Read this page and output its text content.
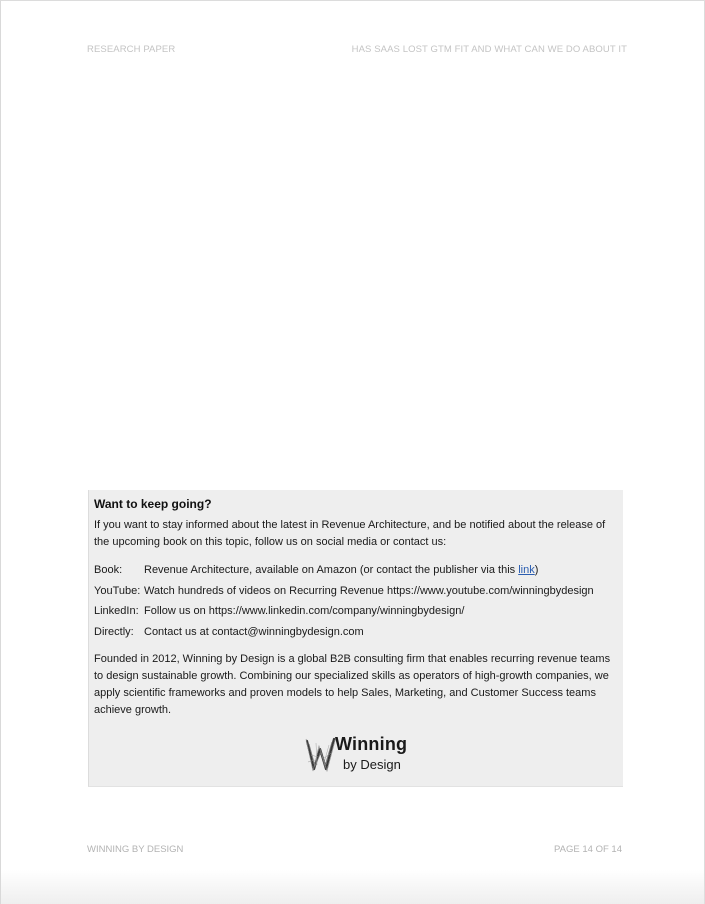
RESEARCH PAPER	HAS SAAS LOST GTM FIT AND WHAT CAN WE DO ABOUT IT
Want to keep going?
If you want to stay informed about the latest in Revenue Architecture, and be notified about the release of the upcoming book on this topic, follow us on social media or contact us:
Book: Revenue Architecture, available on Amazon (or contact the publisher via this link)
YouTube: Watch hundreds of videos on Recurring Revenue https://www.youtube.com/winningbydesign
LinkedIn: Follow us on https://www.linkedin.com/company/winningbydesign/
Directly: Contact us at contact@winningbydesign.com
Founded in 2012, Winning by Design is a global B2B consulting firm that enables recurring revenue teams to design sustainable growth. Combining our specialized skills as operators of high-growth companies, we apply scientific frameworks and proven models to help Sales, Marketing, and Customer Success teams achieve growth.
Winning
by Design
WINNING BY DESIGN	PAGE 14 OF 14
